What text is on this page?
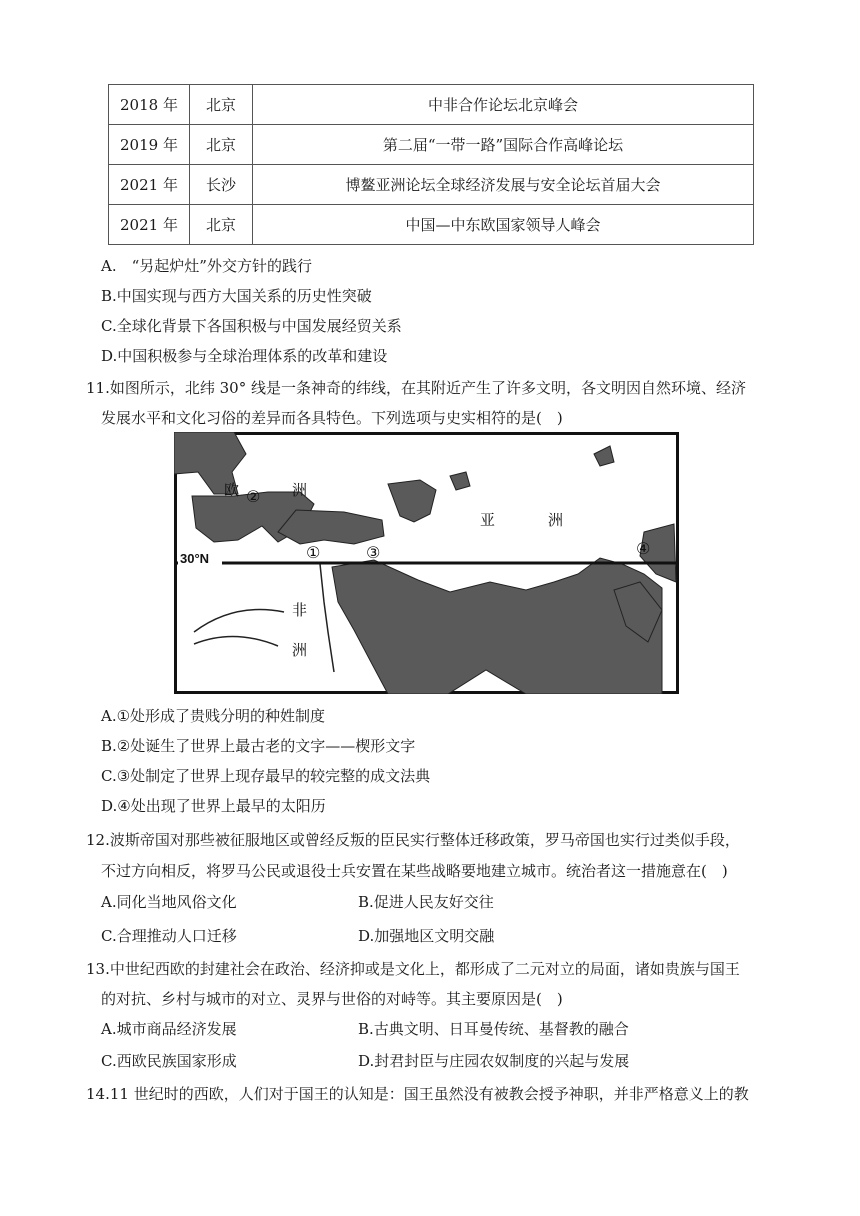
2018 年	北京	中非合作论坛北京峰会
2019 年	北京	第二届“一带一路”国际合作高峰论坛
2021 年	长沙	博鳌亚洲论坛全球经济发展与安全论坛首届大会
2021 年	北京	中国—中东欧国家领导人峰会
A.　“另起炉灶”外交方针的践行
B.中国实现与西方大国关系的历史性突破
C.全球化背景下各国积极与中国发展经贸关系
D.中国积极参与全球治理体系的改革和建设
11.如图所示，北纬 30° 线是一条神奇的纬线，在其附近产生了许多文明，各文明因自然环境、经济
发展水平和文化习俗的差异而各具特色。下列选项与史实相符的是(　)
30°N
欧	洲
亚	洲
非
洲
②
①	③	④
A.①处形成了贵贱分明的种姓制度
B.②处诞生了世界上最古老的文字——楔形文字
C.③处制定了世界上现存最早的较完整的成文法典
D.④处出现了世界上最早的太阳历
12.波斯帝国对那些被征服地区或曾经反叛的臣民实行整体迁移政策，罗马帝国也实行过类似手段，
不过方向相反，将罗马公民或退役士兵安置在某些战略要地建立城市。统治者这一措施意在(　)
A.同化当地风俗文化	B.促进人民友好交往
C.合理推动人口迁移	D.加强地区文明交融
13.中世纪西欧的封建社会在政治、经济抑或是文化上，都形成了二元对立的局面，诸如贵族与国王
的对抗、乡村与城市的对立、灵界与世俗的对峙等。其主要原因是(　)
A.城市商品经济发展	B.古典文明、日耳曼传统、基督教的融合
C.西欧民族国家形成	D.封君封臣与庄园农奴制度的兴起与发展
14.11 世纪时的西欧，人们对于国王的认知是：国王虽然没有被教会授予神职，并非严格意义上的教
